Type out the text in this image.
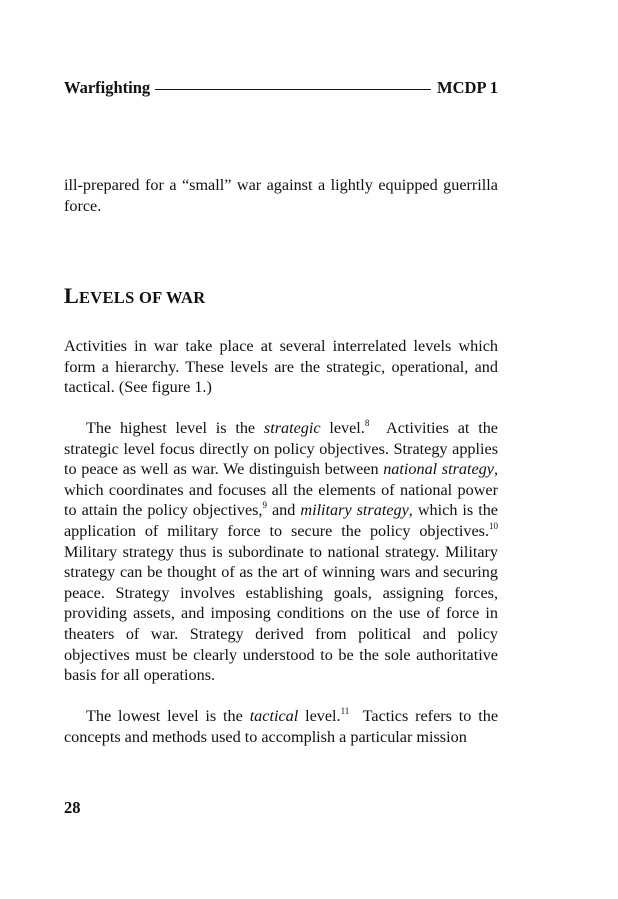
Warfighting	MCDP 1

ill-prepared for a “small” war against a lightly equipped guerrilla force.

LEVELS OF WAR

Activities in war take place at several interrelated levels which form a hierarchy. These levels are the strategic, operational, and tactical. (See figure 1.)

The highest level is the strategic level.$^8$  Activities at the strategic level focus directly on policy objectives. Strategy applies to peace as well as war. We distinguish between national strategy, which coordinates and focuses all the elements of national power to attain the policy objectives,$^9$ and military strategy, which is the application of military force to secure the policy objectives.$^{10}$ Military strategy thus is subordinate to national strategy. Military strategy can be thought of as the art of winning wars and securing peace. Strategy involves establishing goals, assigning forces, providing assets, and imposing conditions on the use of force in theaters of war. Strategy derived from political and policy objectives must be clearly understood to be the sole authoritative basis for all operations.

The lowest level is the tactical level.$^{11}$  Tactics refers to the concepts and methods used to accomplish a particular mission

28
